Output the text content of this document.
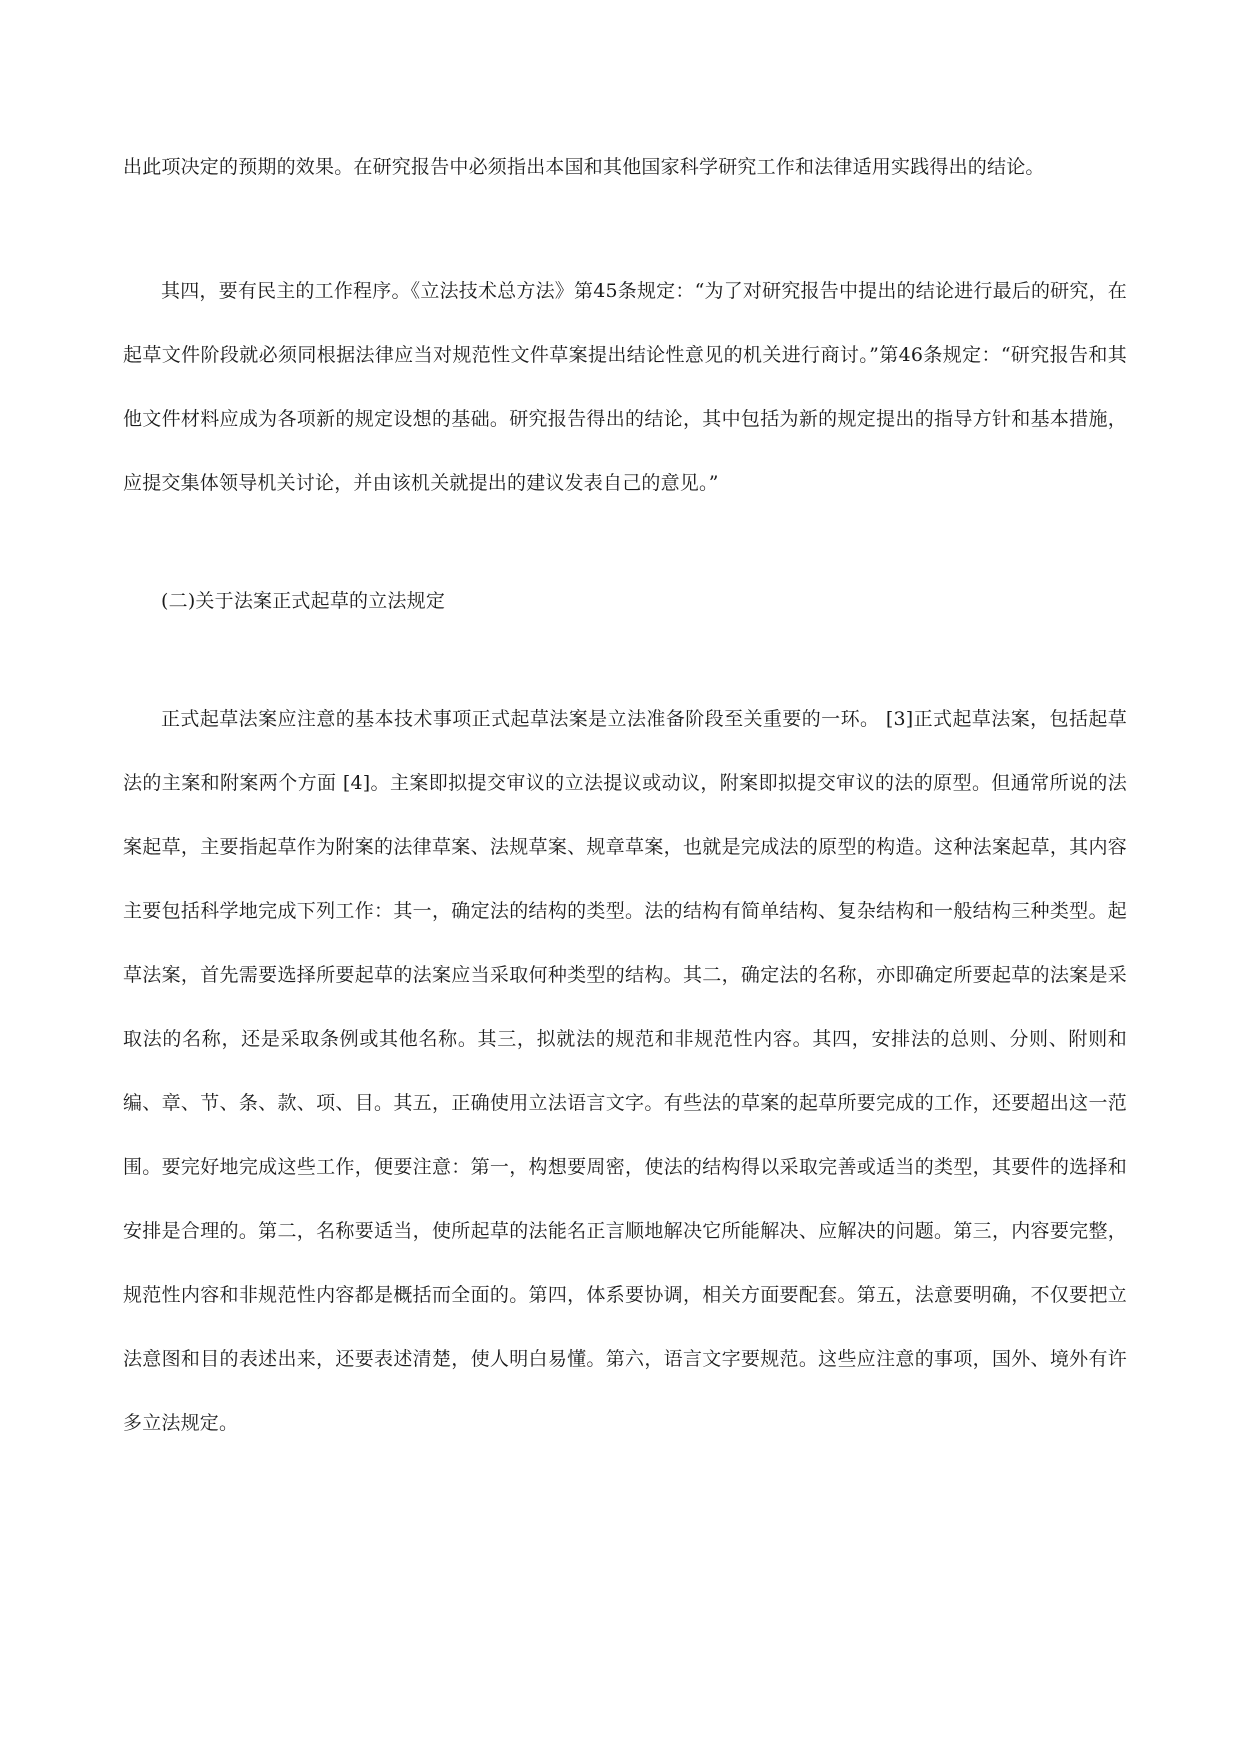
出此项决定的预期的效果。在研究报告中必须指出本国和其他国家科学研究工作和法律适用实践得出的结论。

其四，要有民主的工作程序。《立法技术总方法》第45条规定：“为了对研究报告中提出的结论进行最后的研究，在起草文件阶段就必须同根据法律应当对规范性文件草案提出结论性意见的机关进行商讨。”第46条规定：“研究报告和其他文件材料应成为各项新的规定设想的基础。研究报告得出的结论，其中包括为新的规定提出的指导方针和基本措施，应提交集体领导机关讨论，并由该机关就提出的建议发表自己的意见。”

(二)关于法案正式起草的立法规定

正式起草法案应注意的基本技术事项正式起草法案是立法准备阶段至关重要的一环。 [3]正式起草法案，包括起草法的主案和附案两个方面 [4]。主案即拟提交审议的立法提议或动议，附案即拟提交审议的法的原型。但通常所说的法案起草，主要指起草作为附案的法律草案、法规草案、规章草案，也就是完成法的原型的构造。这种法案起草，其内容主要包括科学地完成下列工作：其一，确定法的结构的类型。法的结构有简单结构、复杂结构和一般结构三种类型。起草法案，首先需要选择所要起草的法案应当采取何种类型的结构。其二，确定法的名称，亦即确定所要起草的法案是采取法的名称，还是采取条例或其他名称。其三，拟就法的规范和非规范性内容。其四，安排法的总则、分则、附则和编、章、节、条、款、项、目。其五，正确使用立法语言文字。有些法的草案的起草所要完成的工作，还要超出这一范围。要完好地完成这些工作，便要注意：第一，构想要周密，使法的结构得以采取完善或适当的类型，其要件的选择和安排是合理的。第二，名称要适当，使所起草的法能名正言顺地解决它所能解决、应解决的问题。第三，内容要完整，规范性内容和非规范性内容都是概括而全面的。第四，体系要协调，相关方面要配套。第五，法意要明确，不仅要把立法意图和目的表述出来，还要表述清楚，使人明白易懂。第六，语言文字要规范。这些应注意的事项，国外、境外有许多立法规定。
